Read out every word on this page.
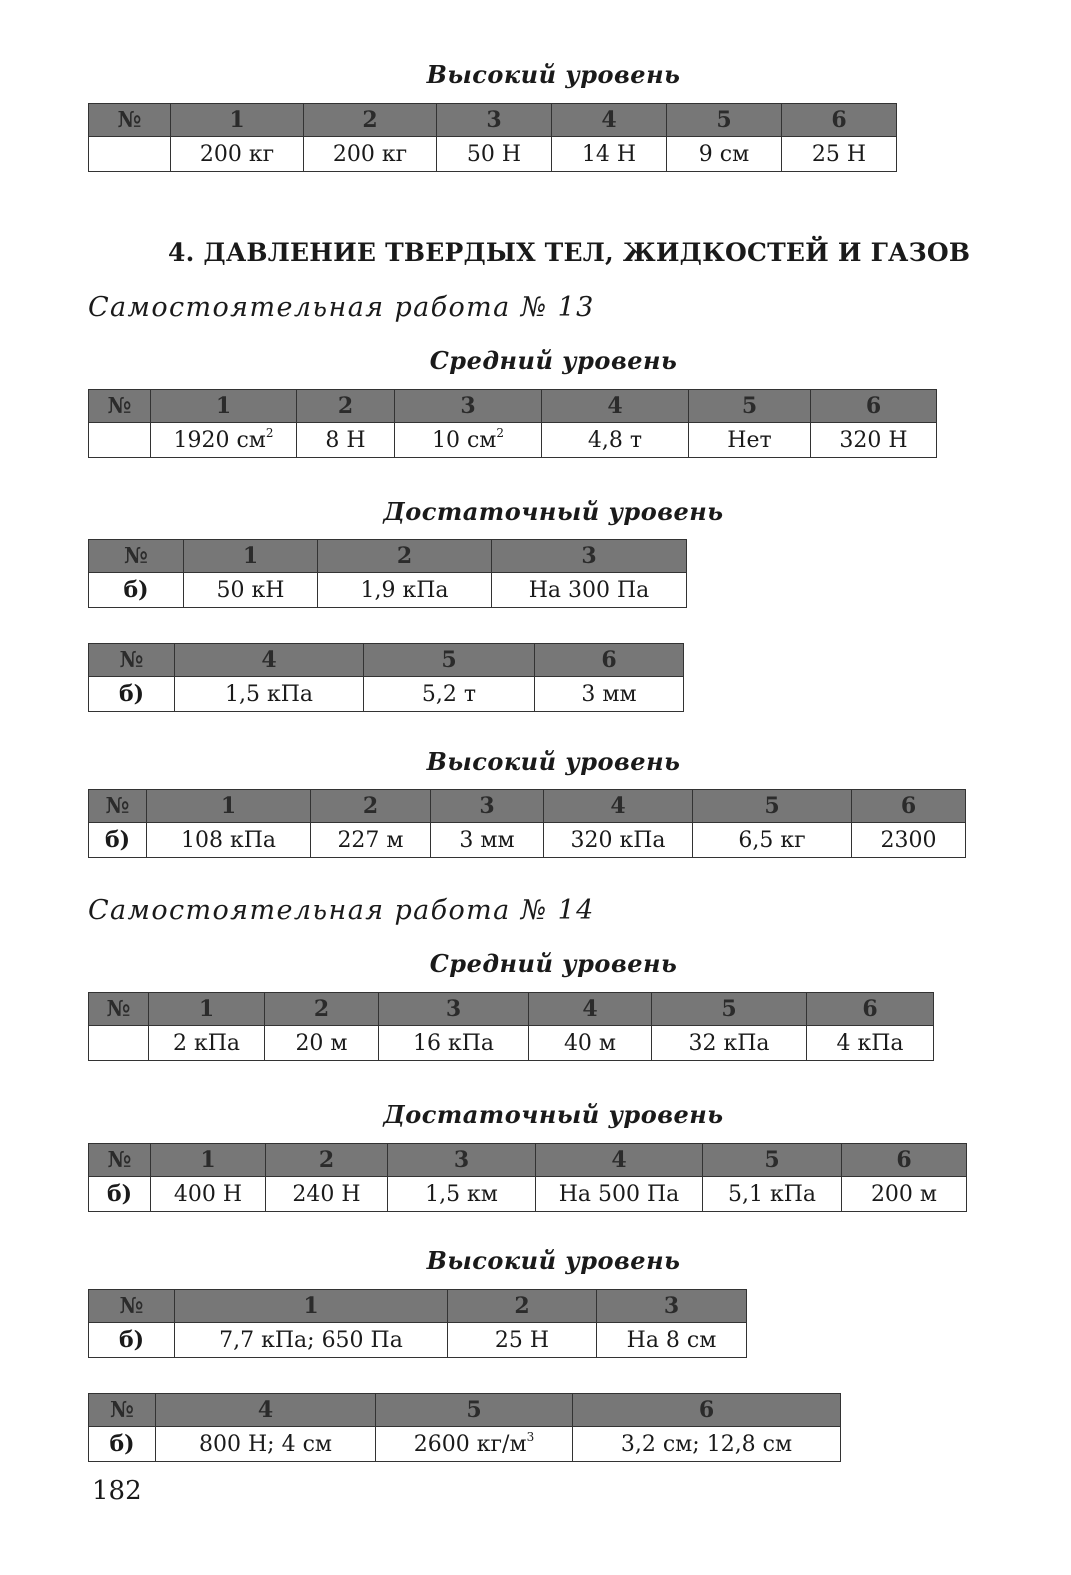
Высокий уровень
№	1	2	3	4	5	6
	200 кг	200 кг	50 Н	14 Н	9 см	25 Н
4. ДАВЛЕНИЕ ТВЕРДЫХ ТЕЛ, ЖИДКОСТЕЙ И ГАЗОВ
Самостоятельная работа № 13
Средний уровень
№	1	2	3	4	5	6
	1920 $см^2$	8 Н	10 $см^2$	4,8 т	Нет	320 Н
Достаточный уровень
№	1	2	3
б)	50 кН	1,9 кПа	На 300 Па
№	4	5	6
б)	1,5 кПа	5,2 т	3 мм
Высокий уровень
№	1	2	3	4	5	6
б)	108 кПа	227 м	3 мм	320 кПа	6,5 кг	2300
Самостоятельная работа № 14
Средний уровень
№	1	2	3	4	5	6
	2 кПа	20 м	16 кПа	40 м	32 кПа	4 кПа
Достаточный уровень
№	1	2	3	4	5	6
б)	400 Н	240 Н	1,5 км	На 500 Па	5,1 кПа	200 м
Высокий уровень
№	1	2	3
б)	7,7 кПа; 650 Па	25 Н	На 8 см
№	4	5	6
б)	800 Н; 4 см	2600 $кг/м^3$	3,2 см; 12,8 см
182
